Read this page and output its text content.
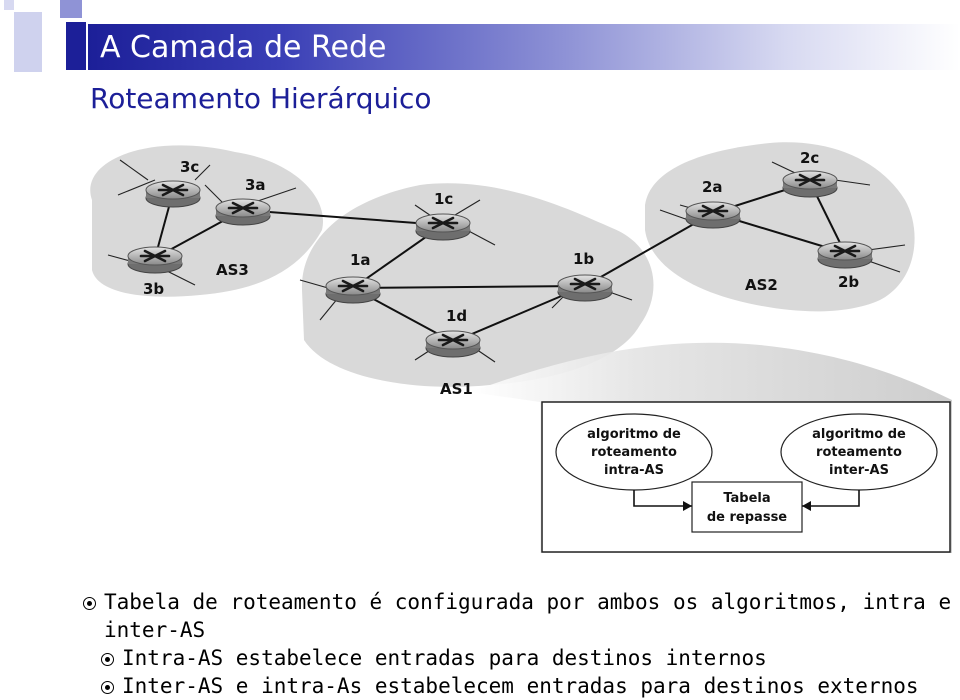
A Camada de Rede
Roteamento Hierárquico
3c
3a
3b
1c
1a	1b
1d
2a
2c
2b
AS3
AS1
AS2
algoritmo de
roteamento
intra-AS
algoritmo de
roteamento
inter-AS
Tabela
de repasse
Tabela de roteamento é configurada por ambos os algoritmos, intra e
inter-AS
Intra-AS estabelece entradas para destinos internos
Inter-AS e intra-As estabelecem entradas para destinos externos
